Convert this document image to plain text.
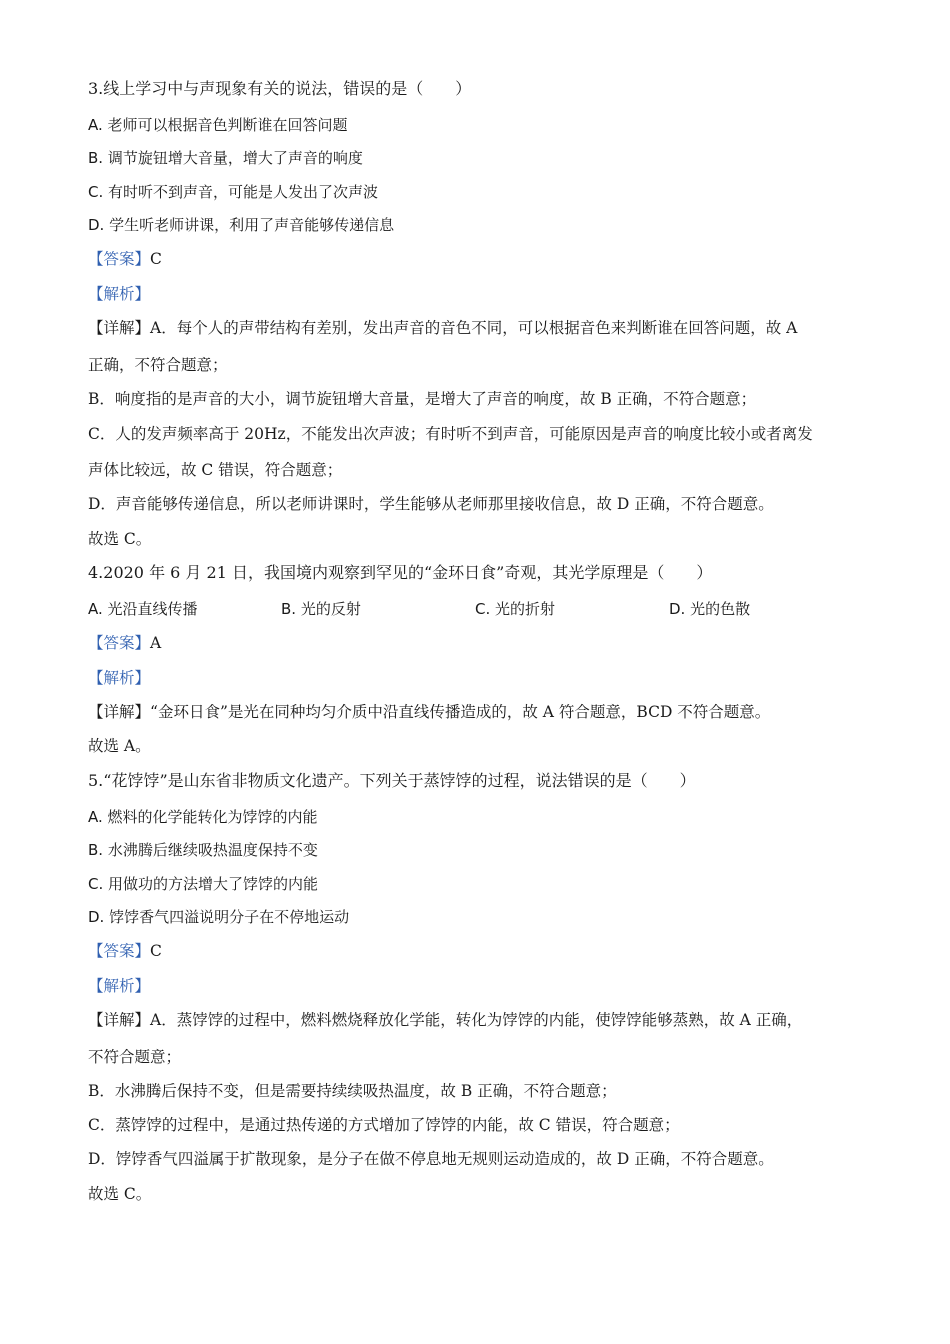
3.线上学习中与声现象有关的说法，错误的是（　　）
A. 老师可以根据音色判断谁在回答问题
B. 调节旋钮增大音量，增大了声音的响度
C. 有时听不到声音，可能是人发出了次声波
D. 学生听老师讲课，利用了声音能够传递信息
【答案】C
【解析】
【详解】A．每个人的声带结构有差别，发出声音的音色不同，可以根据音色来判断谁在回答问题，故 A
正确，不符合题意；
B．响度指的是声音的大小，调节旋钮增大音量，是增大了声音的响度，故 B 正确，不符合题意；
C．人的发声频率高于 20Hz，不能发出次声波；有时听不到声音，可能原因是声音的响度比较小或者离发
声体比较远，故 C 错误，符合题意；
D．声音能够传递信息，所以老师讲课时，学生能够从老师那里接收信息，故 D 正确，不符合题意。
故选 C。
4.2020 年 6 月 21 日，我国境内观察到罕见的“金环日食”奇观，其光学原理是（　　）
A. 光沿直线传播	B. 光的反射	C. 光的折射	D. 光的色散
【答案】A
【解析】
【详解】“金环日食”是光在同种均匀介质中沿直线传播造成的，故 A 符合题意，BCD 不符合题意。
故选 A。
5.“花饽饽”是山东省非物质文化遗产。下列关于蒸饽饽的过程，说法错误的是（　　）
A. 燃料的化学能转化为饽饽的内能
B. 水沸腾后继续吸热温度保持不变
C. 用做功的方法增大了饽饽的内能
D. 饽饽香气四溢说明分子在不停地运动
【答案】C
【解析】
【详解】A．蒸饽饽的过程中，燃料燃烧释放化学能，转化为饽饽的内能，使饽饽能够蒸熟，故 A 正确，
不符合题意；
B．水沸腾后保持不变，但是需要持续续吸热温度，故 B 正确，不符合题意；
C．蒸饽饽的过程中，是通过热传递的方式增加了饽饽的内能，故 C 错误，符合题意；
D．饽饽香气四溢属于扩散现象，是分子在做不停息地无规则运动造成的，故 D 正确，不符合题意。
故选 C。
